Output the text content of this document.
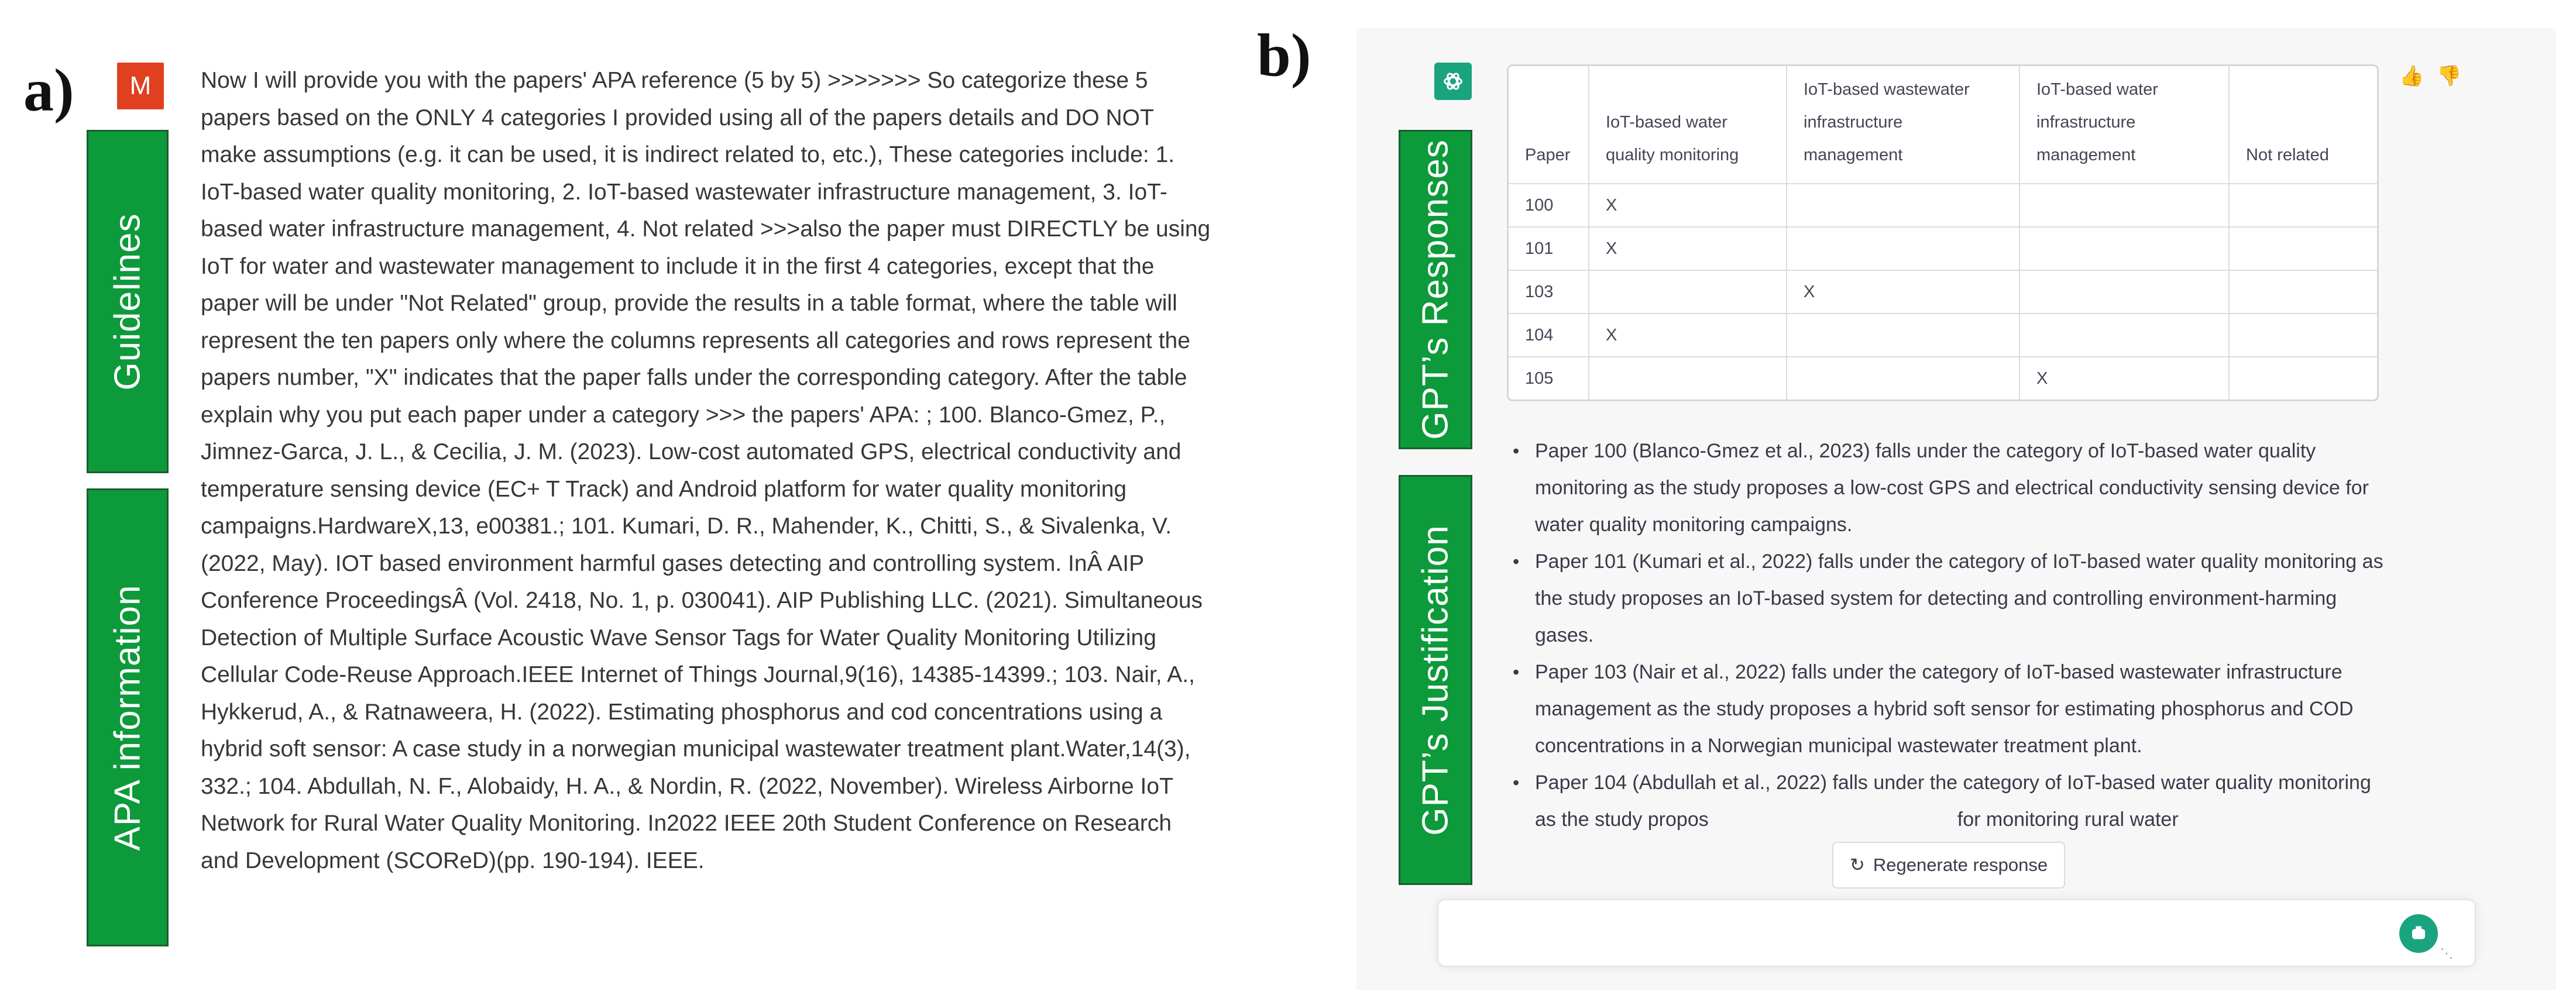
a)
Guidelines
APA information
M	Now I will provide you with the papers' APA reference (5 by 5) >>>>>>> So categorize these 5 papers based on the ONLY 4 categories I provided using all of the papers details and DO NOT make assumptions (e.g. it can be used, it is indirect related to, etc.), These categories include: 1. IoT-based water quality monitoring, 2. IoT-based wastewater infrastructure management, 3. IoT-based water infrastructure management, 4. Not related >>>also the paper must DIRECTLY be using IoT for water and wastewater management to include it in the first 4 categories, except that the paper will be under "Not Related" group, provide the results in a table format, where the table will represent the ten papers only where the columns represents all categories and rows represent the papers number, "X" indicates that the paper falls under the corresponding category. After the table explain why you put each paper under a category >>> the papers' APA: ; 100. Blanco-Gmez, P., Jimnez-Garca, J. L., & Cecilia, J. M. (2023). Low-cost automated GPS, electrical conductivity and temperature sensing device (EC+ T Track) and Android platform for water quality monitoring campaigns.HardwareX,13, e00381.; 101. Kumari, D. R., Mahender, K., Chitti, S., & Sivalenka, V. (2022, May). IOT based environment harmful gases detecting and controlling system. InÂ AIP Conference ProceedingsÂ (Vol. 2418, No. 1, p. 030041). AIP Publishing LLC. (2021). Simultaneous Detection of Multiple Surface Acoustic Wave Sensor Tags for Water Quality Monitoring Utilizing Cellular Code-Reuse Approach.IEEE Internet of Things Journal,9(16), 14385-14399.; 103. Nair, A., Hykkerud, A., & Ratnaweera, H. (2022). Estimating phosphorus and cod concentrations using a hybrid soft sensor: A case study in a norwegian municipal wastewater treatment plant.Water,14(3), 332.; 104. Abdullah, N. F., Alobaidy, H. A., & Nordin, R. (2022, November). Wireless Airborne IoT Network for Rural Water Quality Monitoring. In2022 IEEE 20th Student Conference on Research and Development (SCOReD)(pp. 190-194). IEEE.
b)
GPT’s Responses
GPT’s Justification
Paper	IoT-based water quality monitoring	IoT-based wastewater infrastructure management	IoT-based water infrastructure management	Not related
100	X			
101	X			
103		X		
104	X			
105			X	
👍 👎
• Paper 100 (Blanco-Gmez et al., 2023) falls under the category of IoT-based water quality monitoring as the study proposes a low-cost GPS and electrical conductivity sensing device for water quality monitoring campaigns.
• Paper 101 (Kumari et al., 2022) falls under the category of IoT-based water quality monitoring as the study proposes an IoT-based system for detecting and controlling environment-harming gases.
• Paper 103 (Nair et al., 2022) falls under the category of IoT-based wastewater infrastructure management as the study proposes a hybrid soft sensor for estimating phosphorus and COD concentrations in a Norwegian municipal wastewater treatment plant.
• Paper 104 (Abdullah et al., 2022) falls under the category of IoT-based water quality monitoring as the study propos	for monitoring rural water
↻ Regenerate response
⋱
